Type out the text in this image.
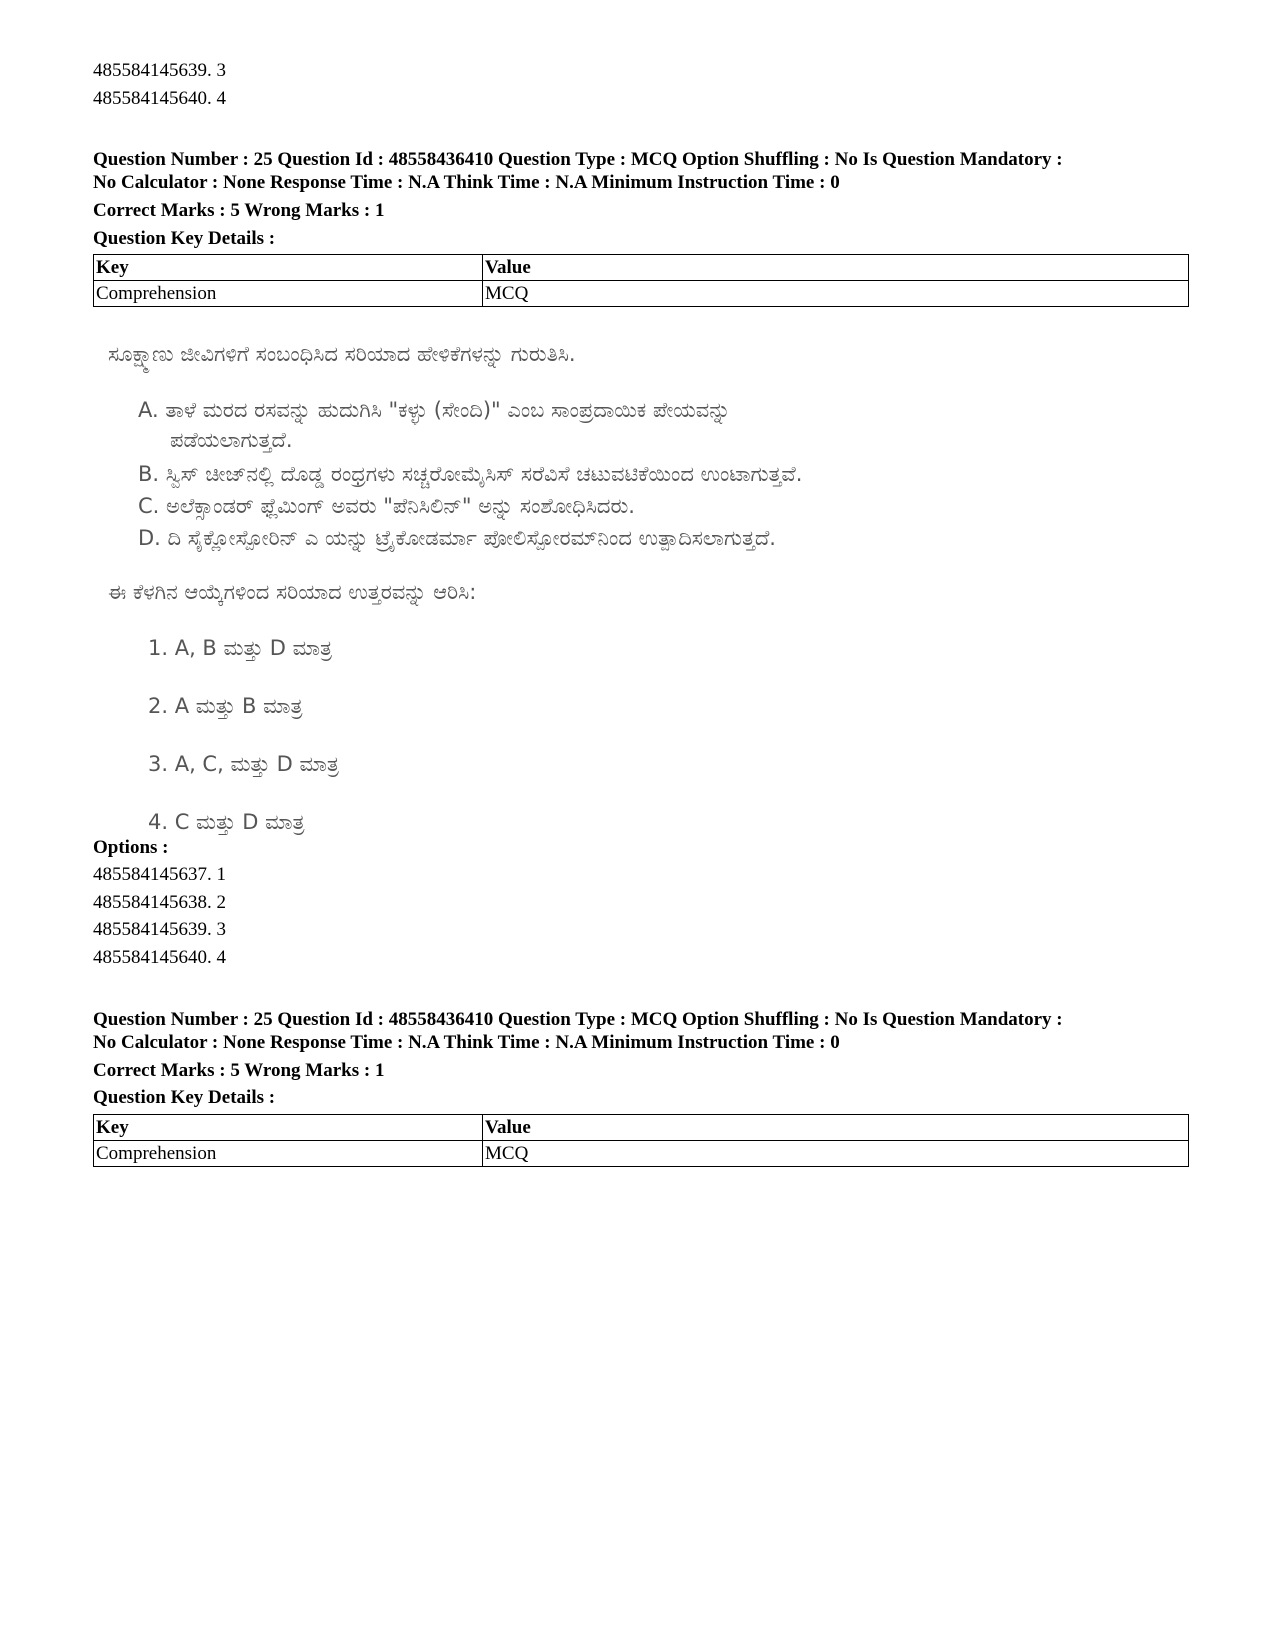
485584145639. 3
485584145640. 4
Question Number : 25 Question Id : 48558436410 Question Type : MCQ Option Shuffling : No Is Question Mandatory :
No Calculator : None Response Time : N.A Think Time : N.A Minimum Instruction Time : 0
Correct Marks : 5 Wrong Marks : 1
Question Key Details :
Key	Value
Comprehension	MCQ
ಸೂಕ್ಷ್ಮಾಣು ಜೀವಿಗಳಿಗೆ ಸಂಬಂಧಿಸಿದ ಸರಿಯಾದ ಹೇಳಿಕೆಗಳನ್ನು ಗುರುತಿಸಿ.
A. ತಾಳೆ ಮರದ ರಸವನ್ನು ಹುದುಗಿಸಿ "ಕಳ್ಳು (ಸೇಂದಿ)" ಎಂಬ ಸಾಂಪ್ರದಾಯಿಕ ಪೇಯವನ್ನು
ಪಡೆಯಲಾಗುತ್ತದೆ.
B. ಸ್ವಿಸ್ ಚೀಜ್‌ನಲ್ಲಿ ದೊಡ್ಡ ರಂಧ್ರಗಳು ಸಚ್ಚರೋಮೈಸಿಸ್ ಸರೆವಿಸೆ ಚಟುವಟಿಕೆಯಿಂದ ಉಂಟಾಗುತ್ತವೆ.
C. ಅಲೆಕ್ಸಾಂಡರ್ ಫ್ಲೆಮಿಂಗ್ ಅವರು "ಪೆನಿಸಿಲಿನ್" ಅನ್ನು ಸಂಶೋಧಿಸಿದರು.
D. ದಿ ಸೈಕ್ಲೋಸ್ಪೋರಿನ್ ಎ ಯನ್ನು ಟ್ರೈಕೋಡರ್ಮಾ ಪೋಲಿಸ್ಪೋರಮ್‌ನಿಂದ ಉತ್ಪಾದಿಸಲಾಗುತ್ತದೆ.
ಈ ಕೆಳಗಿನ ಆಯ್ಕೆಗಳಿಂದ ಸರಿಯಾದ ಉತ್ತರವನ್ನು ಆರಿಸಿ:
1. A, B ಮತ್ತು D ಮಾತ್ರ
2. A ಮತ್ತು B ಮಾತ್ರ
3. A, C, ಮತ್ತು D ಮಾತ್ರ
4. C ಮತ್ತು D ಮಾತ್ರ
Options :
485584145637. 1
485584145638. 2
485584145639. 3
485584145640. 4
Question Number : 25 Question Id : 48558436410 Question Type : MCQ Option Shuffling : No Is Question Mandatory :
No Calculator : None Response Time : N.A Think Time : N.A Minimum Instruction Time : 0
Correct Marks : 5 Wrong Marks : 1
Question Key Details :
Key	Value
Comprehension	MCQ
